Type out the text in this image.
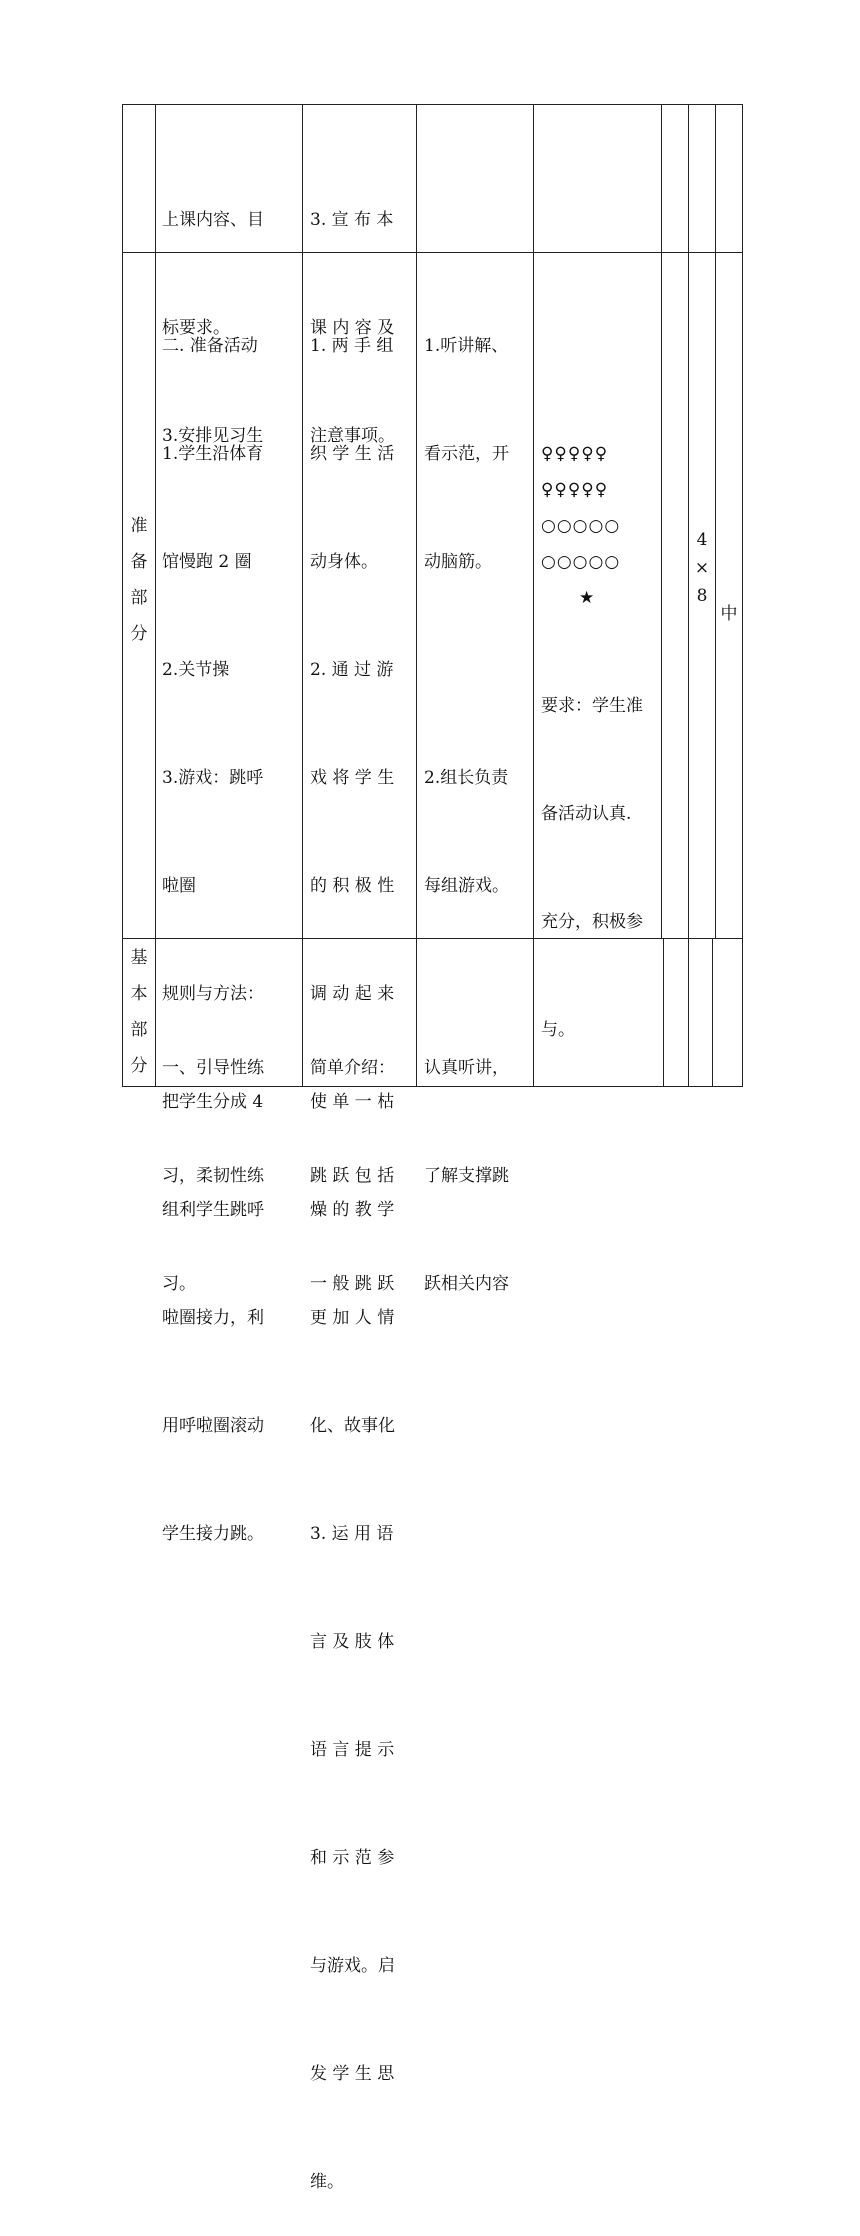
上课内容、目

标要求。

3.安排见习生

3. 宣 布 本

课 内 容 及

注意事项。

准
备
部
分

二. 准备活动

1.学生沿体育

馆慢跑 2 圈

2.关节操

3.游戏：跳呼

啦圈

规则与方法：

把学生分成 4

组利学生跳呼

啦圈接力，利

用呼啦圈滚动

学生接力跳。

1. 两 手 组

织 学 生 活

动身体。

2. 通 过 游

戏 将 学 生

的 积 极 性

调 动 起 来

使 单 一 枯

燥 的 教 学

更 加 人 情

化、故事化

3. 运 用 语

言 及 肢 体

语 言 提 示

和 示 范 参

与游戏。启

发 学 生 思

维。

1.听讲解、

看示范，开

动脑筋。

2.组长负责

每组游戏。

♀♀♀♀♀
♀♀♀♀♀
○○○○○
○○○○○
★

要求：学生准

备活动认真.

充分，积极参

与。

4
×
8
中
基
本
部
分

一、引导性练

习，柔韧性练

习。

简单介绍：

跳 跃 包 括

一 般 跳 跃

认真听讲，

了解支撑跳

跃相关内容
